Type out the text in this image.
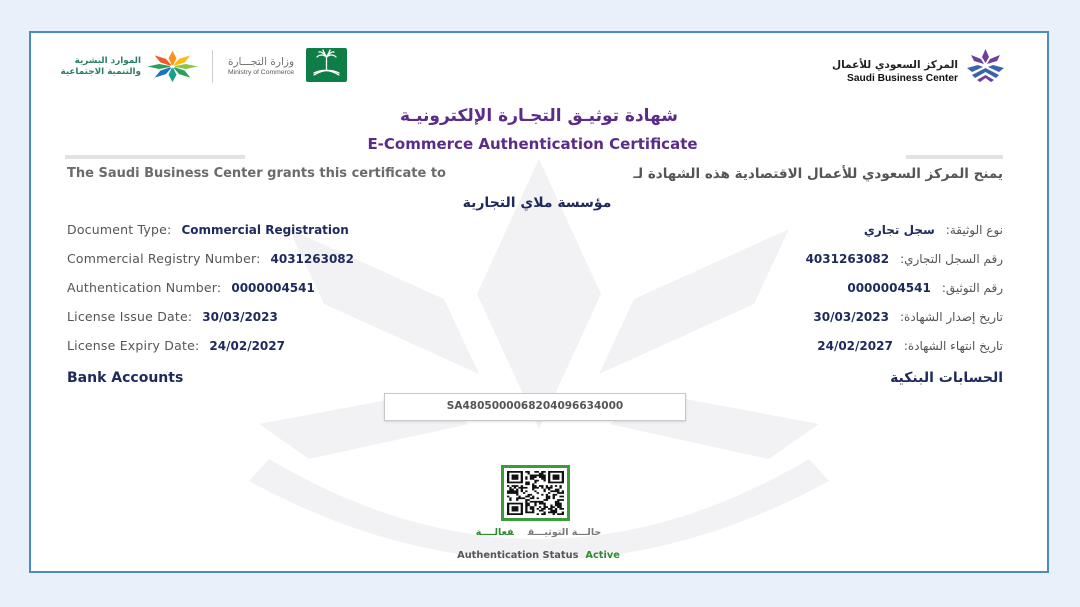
الموارد البشرية
والتنمية الاجتماعية
وزارة التجـــارة
Ministry of Commerce
المركز السعودي للأعمال
Saudi Business Center
شهادة توثيـق التجـارة الإلكترونيـة
E-Commerce Authentication Certificate
The Saudi Business Center grants this certificate to	يمنح المركز السعودي للأعمال الاقتصادية هذه الشهادة لـ
مؤسسة ملاي التجارية
Document Type: Commercial Registration
Commercial Registry Number: 4031263082
Authentication Number: 0000004541
License Issue Date: 30/03/2023
License Expiry Date: 24/02/2027
نوع الوثيقة:
سجل تجاري
رقم السجل التجاري:
4031263082
رقم التوثيق:
0000004541
تاريخ إصدار الشهادة:
30/03/2023
تاريخ انتهاء الشهادة:
24/02/2027
Bank Accounts	الحسابات البنكية
SA4805000068204096634000
حالـــة التوثيـــقفعالــــة
Authentication Status Active
